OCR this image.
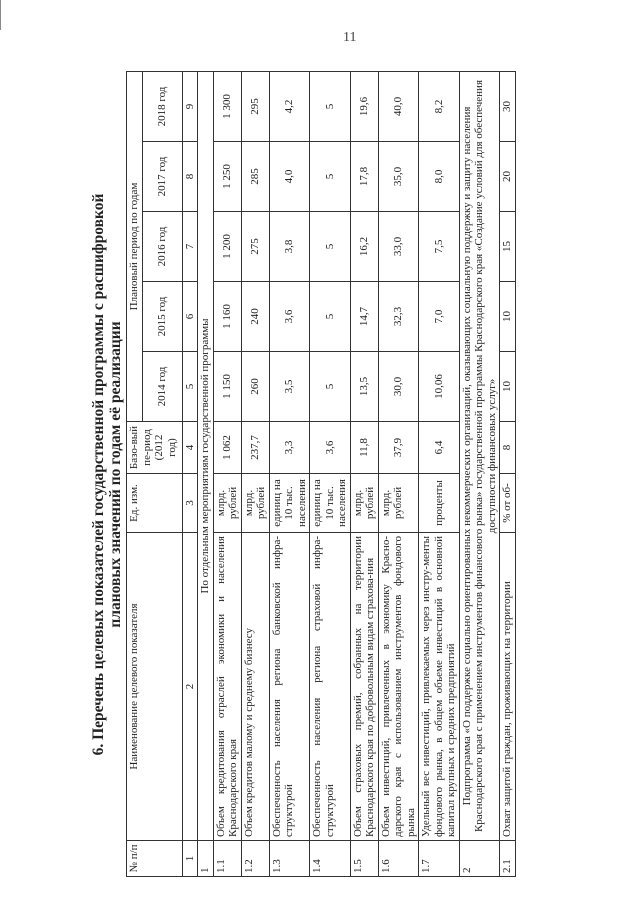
11
6. Перечень целевых показателей государственной программы с расшифровкой плановых значений по годам её реализации
№ п/п	Наименование целевого показателя	Ед. изм.	Базо-вый пе-риод (2012 год)	Плановый период по годам				
				2014 год	2015 год	2016 год	2017 год	2018 год
1	2	3	4	5	6	7	8	9
1	По отдельным мероприятиям государственной программы							
1.1	Объем кредитования отраслей экономики и населения Краснодарского края	млрд. рублей	1 062	1 150	1 160	1 200	1 250	1 300
1.2	Объем кредитов малому и среднему бизнесу	млрд. рублей	237,7	260	240	275	285	295
1.3	Обеспеченность населения региона банковской инфра-структурой	единиц на 10 тыс. населения	3,3	3,5	3,6	3,8	4,0	4,2
1.4	Обеспеченность населения региона страховой инфра-структурой	единиц на 10 тыс. населения	3,6	5	5	5	5	5
1.5	Объем страховых премий, собранных на территории Краснодарского края по добровольным видам страхова-ния	млрд. рублей	11,8	13,5	14,7	16,2	17,8	19,6
1.6	Объем инвестиций, привлеченных в экономику Красно-дарского края с использованием инструментов фондового рынка	млрд. рублей	37,9	30,0	32,3	33,0	35,0	40,0
1.7	Удельный вес инвестиций, привлекаемых через инстру-менты фондового рынка, в общем объеме инвестиций в основной капитал крупных и средних предприятий	проценты	6,4	10,06	7,0	7,5	8,0	8,2
2	Подпрограмма «О поддержке социально ориентированных некоммерческих организаций, оказывающих социальную поддержку и защиту населения Краснодарского края с применением инструментов финансового рынка» государственной программы Краснодарского края «Создание условий для обеспечения доступности финансовых услуг»							
2.1	Охват защитой граждан, проживающих на территории	% от об-	8	10	10	15	20	30
